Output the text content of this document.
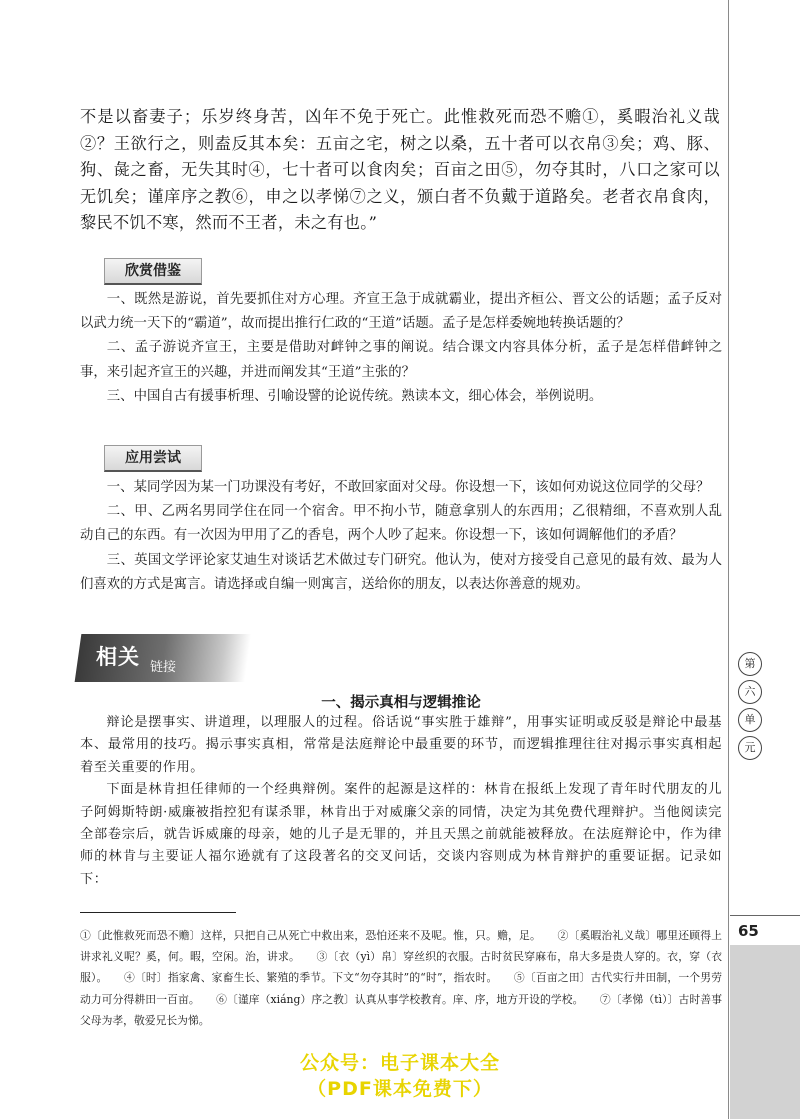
65
第
六
单
元
不是以畜妻子；乐岁终身苦，凶年不免于死亡。此惟救死而恐不赡①，奚暇治礼义哉②？王欲行之，则盍反其本矣：五亩之宅，树之以桑，五十者可以衣帛③矣；鸡、豚、狗、彘之畜，无失其时④，七十者可以食肉矣；百亩之田⑤，勿夺其时，八口之家可以无饥矣；谨庠序之教⑥，申之以孝悌⑦之义，颁白者不负戴于道路矣。老者衣帛食肉，黎民不饥不寒，然而不王者，未之有也。”
欣赏借鉴

一、既然是游说，首先要抓住对方心理。齐宣王急于成就霸业，提出齐桓公、晋文公的话题；孟子反对以武力统一天下的“霸道”，故而提出推行仁政的“王道”话题。孟子是怎样委婉地转换话题的？

二、孟子游说齐宣王，主要是借助对衅钟之事的阐说。结合课文内容具体分析，孟子是怎样借衅钟之事，来引起齐宣王的兴趣，并进而阐发其“王道”主张的？

三、中国自古有援事析理、引喻设譬的论说传统。熟读本文，细心体会，举例说明。

应用尝试

一、某同学因为某一门功课没有考好，不敢回家面对父母。你设想一下，该如何劝说这位同学的父母？

二、甲、乙两名男同学住在同一个宿舍。甲不拘小节，随意拿别人的东西用；乙很精细，不喜欢别人乱动自己的东西。有一次因为甲用了乙的香皂，两个人吵了起来。你设想一下，该如何调解他们的矛盾？

三、英国文学评论家艾迪生对谈话艺术做过专门研究。他认为，使对方接受自己意见的最有效、最为人们喜欢的方式是寓言。请选择或自编一则寓言，送给你的朋友，以表达你善意的规劝。

相关 链接
一、揭示真相与逻辑推论

辩论是摆事实、讲道理，以理服人的过程。俗话说“事实胜于雄辩”，用事实证明或反驳是辩论中最基本、最常用的技巧。揭示事实真相，常常是法庭辩论中最重要的环节，而逻辑推理往往对揭示事实真相起着至关重要的作用。

下面是林肯担任律师的一个经典辩例。案件的起源是这样的：林肯在报纸上发现了青年时代朋友的儿子阿姆斯特朗·威廉被指控犯有谋杀罪，林肯出于对威廉父亲的同情，决定为其免费代理辩护。当他阅读完全部卷宗后，就告诉威廉的母亲，她的儿子是无罪的，并且天黑之前就能被释放。在法庭辩论中，作为律师的林肯与主要证人福尔逊就有了这段著名的交叉问话，交谈内容则成为林肯辩护的重要证据。记录如下：

①〔此惟救死而恐不赡〕这样，只把自己从死亡中救出来，恐怕还来不及呢。惟，只。赡，足。　　②〔奚暇治礼义哉〕哪里还顾得上讲求礼义呢？奚，何。暇，空闲。治，讲求。　　③〔衣（yì）帛〕穿丝织的衣服。古时贫民穿麻布，帛大多是贵人穿的。衣，穿（衣服）。　　④〔时〕指家禽、家畜生长、繁殖的季节。下文“勿夺其时”的“时”，指农时。　　⑤〔百亩之田〕古代实行井田制，一个男劳动力可分得耕田一百亩。　　⑥〔谨庠（xiáng）序之教〕认真从事学校教育。庠、序，地方开设的学校。　　⑦〔孝悌（tì）〕古时善事父母为孝，敬爱兄长为悌。

公众号：电子课本大全
（PDF课本免费下）
